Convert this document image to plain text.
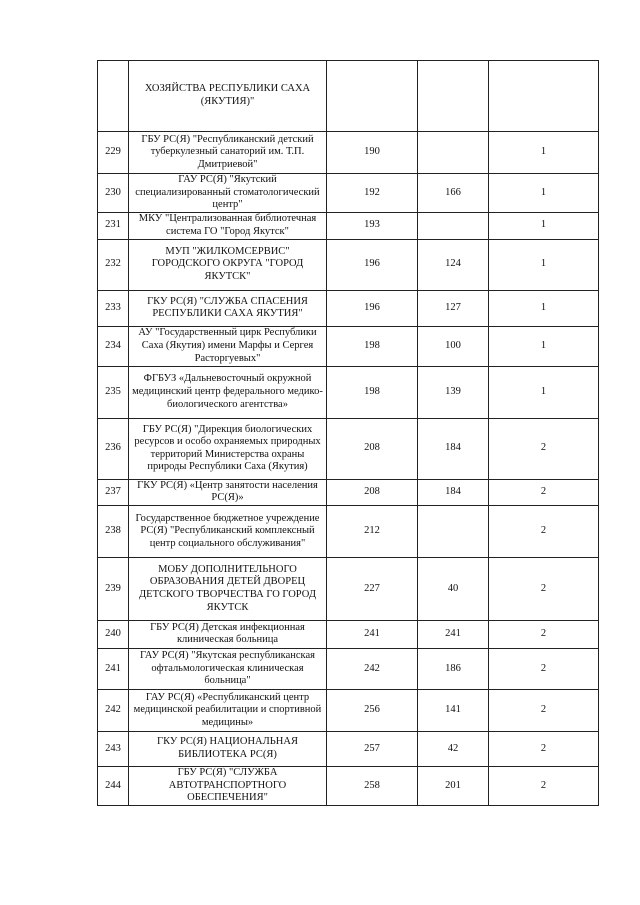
	ХОЗЯЙСТВА РЕСПУБЛИКИ САХА (ЯКУТИЯ)"			
229	ГБУ РС(Я) "Республиканский детский туберкулезный санаторий им. Т.П. Дмитриевой"	190		1
230	ГАУ РС(Я) "Якутский специализированный стоматологический центр"	192	166	1
231	МКУ "Централизованная библиотечная система ГО "Город Якутск"	193		1
232	МУП "ЖИЛКОМСЕРВИС" ГОРОДСКОГО ОКРУГА "ГОРОД ЯКУТСК"	196	124	1
233	ГКУ РС(Я) "СЛУЖБА СПАСЕНИЯ РЕСПУБЛИКИ САХА ЯКУТИЯ"	196	127	1
234	АУ "Государственный цирк Республики Саха (Якутия) имени Марфы и Сергея Расторгуевых"	198	100	1
235	ФГБУЗ «Дальневосточный окружной медицинский центр федерального медико-биологического агентства»	198	139	1
236	ГБУ РС(Я) "Дирекция биологических ресурсов и особо охраняемых природных территорий Министерства охраны природы Республики Саха (Якутия)	208	184	2
237	ГКУ РС(Я) «Центр занятости населения РС(Я)»	208	184	2
238	Государственное бюджетное учреждение РС(Я) "Республиканский комплексный центр социального обслуживания"	212		2
239	МОБУ ДОПОЛНИТЕЛЬНОГО ОБРАЗОВАНИЯ ДЕТЕЙ ДВОРЕЦ ДЕТСКОГО ТВОРЧЕСТВА ГО ГОРОД ЯКУТСК	227	40	2
240	ГБУ РС(Я) Детская инфекционная клиническая больница	241	241	2
241	ГАУ РС(Я) "Якутская республиканская офтальмологическая клиническая больница"	242	186	2
242	ГАУ РС(Я) «Республиканский центр медицинской реабилитации и спортивной медицины»	256	141	2
243	ГКУ РС(Я) НАЦИОНАЛЬНАЯ БИБЛИОТЕКА РС(Я)	257	42	2
244	ГБУ РС(Я) "СЛУЖБА АВТОТРАНСПОРТНОГО ОБЕСПЕЧЕНИЯ"	258	201	2
